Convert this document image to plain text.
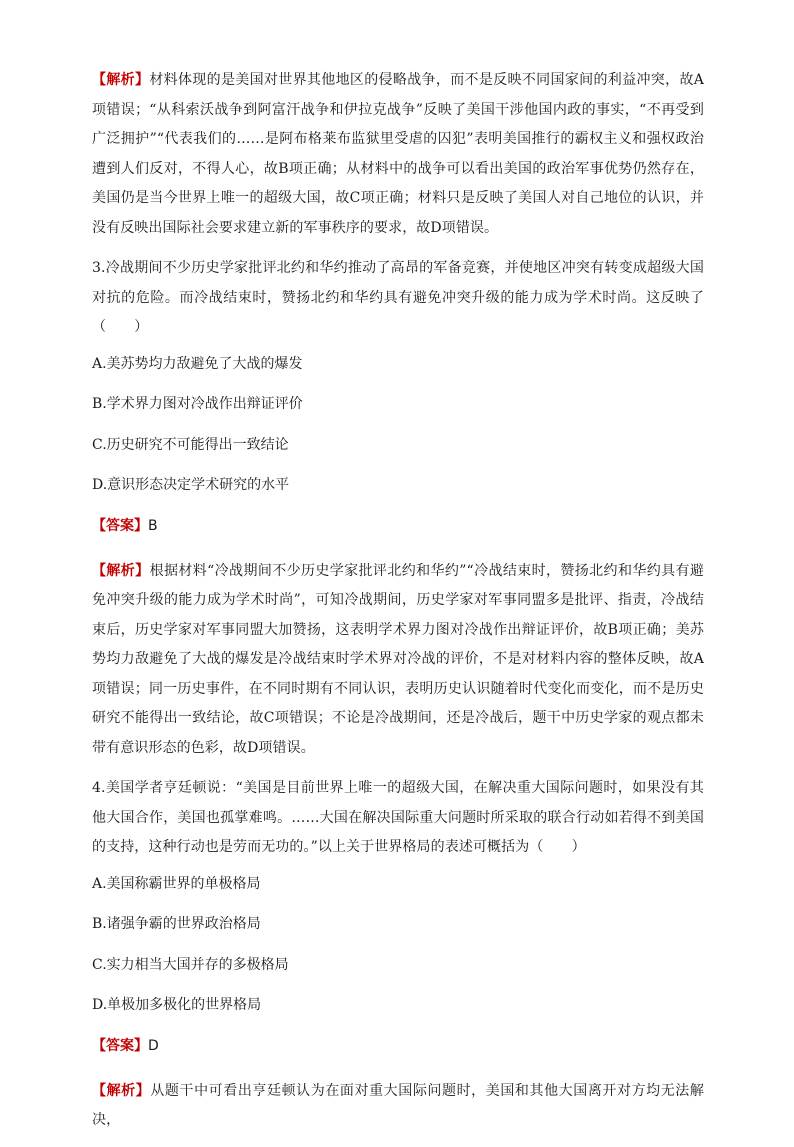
【解析】材料体现的是美国对世界其他地区的侵略战争，而不是反映不同国家间的利益冲突，故A项错误；“从科索沃战争到阿富汗战争和伊拉克战争”反映了美国干涉他国内政的事实，“不再受到广泛拥护”“代表我们的……是阿布格莱布监狱里受虐的囚犯”表明美国推行的霸权主义和强权政治遭到人们反对，不得人心，故B项正确；从材料中的战争可以看出美国的政治军事优势仍然存在，美国仍是当今世界上唯一的超级大国，故C项正确；材料只是反映了美国人对自己地位的认识，并没有反映出国际社会要求建立新的军事秩序的要求，故D项错误。

3.冷战期间不少历史学家批评北约和华约推动了高昂的军备竞赛，并使地区冲突有转变成超级大国对抗的危险。而冷战结束时，赞扬北约和华约具有避免冲突升级的能力成为学术时尚。这反映了（　　）

A.美苏势均力敌避免了大战的爆发

B.学术界力图对冷战作出辩证评价

C.历史研究不可能得出一致结论

D.意识形态决定学术研究的水平

【答案】B

【解析】根据材料“冷战期间不少历史学家批评北约和华约”“冷战结束时，赞扬北约和华约具有避免冲突升级的能力成为学术时尚”，可知冷战期间，历史学家对军事同盟多是批评、指责，冷战结束后，历史学家对军事同盟大加赞扬，这表明学术界力图对冷战作出辩证评价，故B项正确；美苏势均力敌避免了大战的爆发是冷战结束时学术界对冷战的评价，不是对材料内容的整体反映，故A项错误；同一历史事件，在不同时期有不同认识，表明历史认识随着时代变化而变化，而不是历史研究不能得出一致结论，故C项错误；不论是冷战期间，还是冷战后，题干中历史学家的观点都未带有意识形态的色彩，故D项错误。

4.美国学者亨廷顿说：“美国是目前世界上唯一的超级大国，在解决重大国际问题时，如果没有其他大国合作，美国也孤掌难鸣。……大国在解决国际重大问题时所采取的联合行动如若得不到美国的支持，这种行动也是劳而无功的。”以上关于世界格局的表述可概括为（　　）

A.美国称霸世界的单极格局

B.诸强争霸的世界政治格局

C.实力相当大国并存的多极格局

D.单极加多极化的世界格局

【答案】D

【解析】从题干中可看出亨廷顿认为在面对重大国际问题时，美国和其他大国离开对方均无法解决，
